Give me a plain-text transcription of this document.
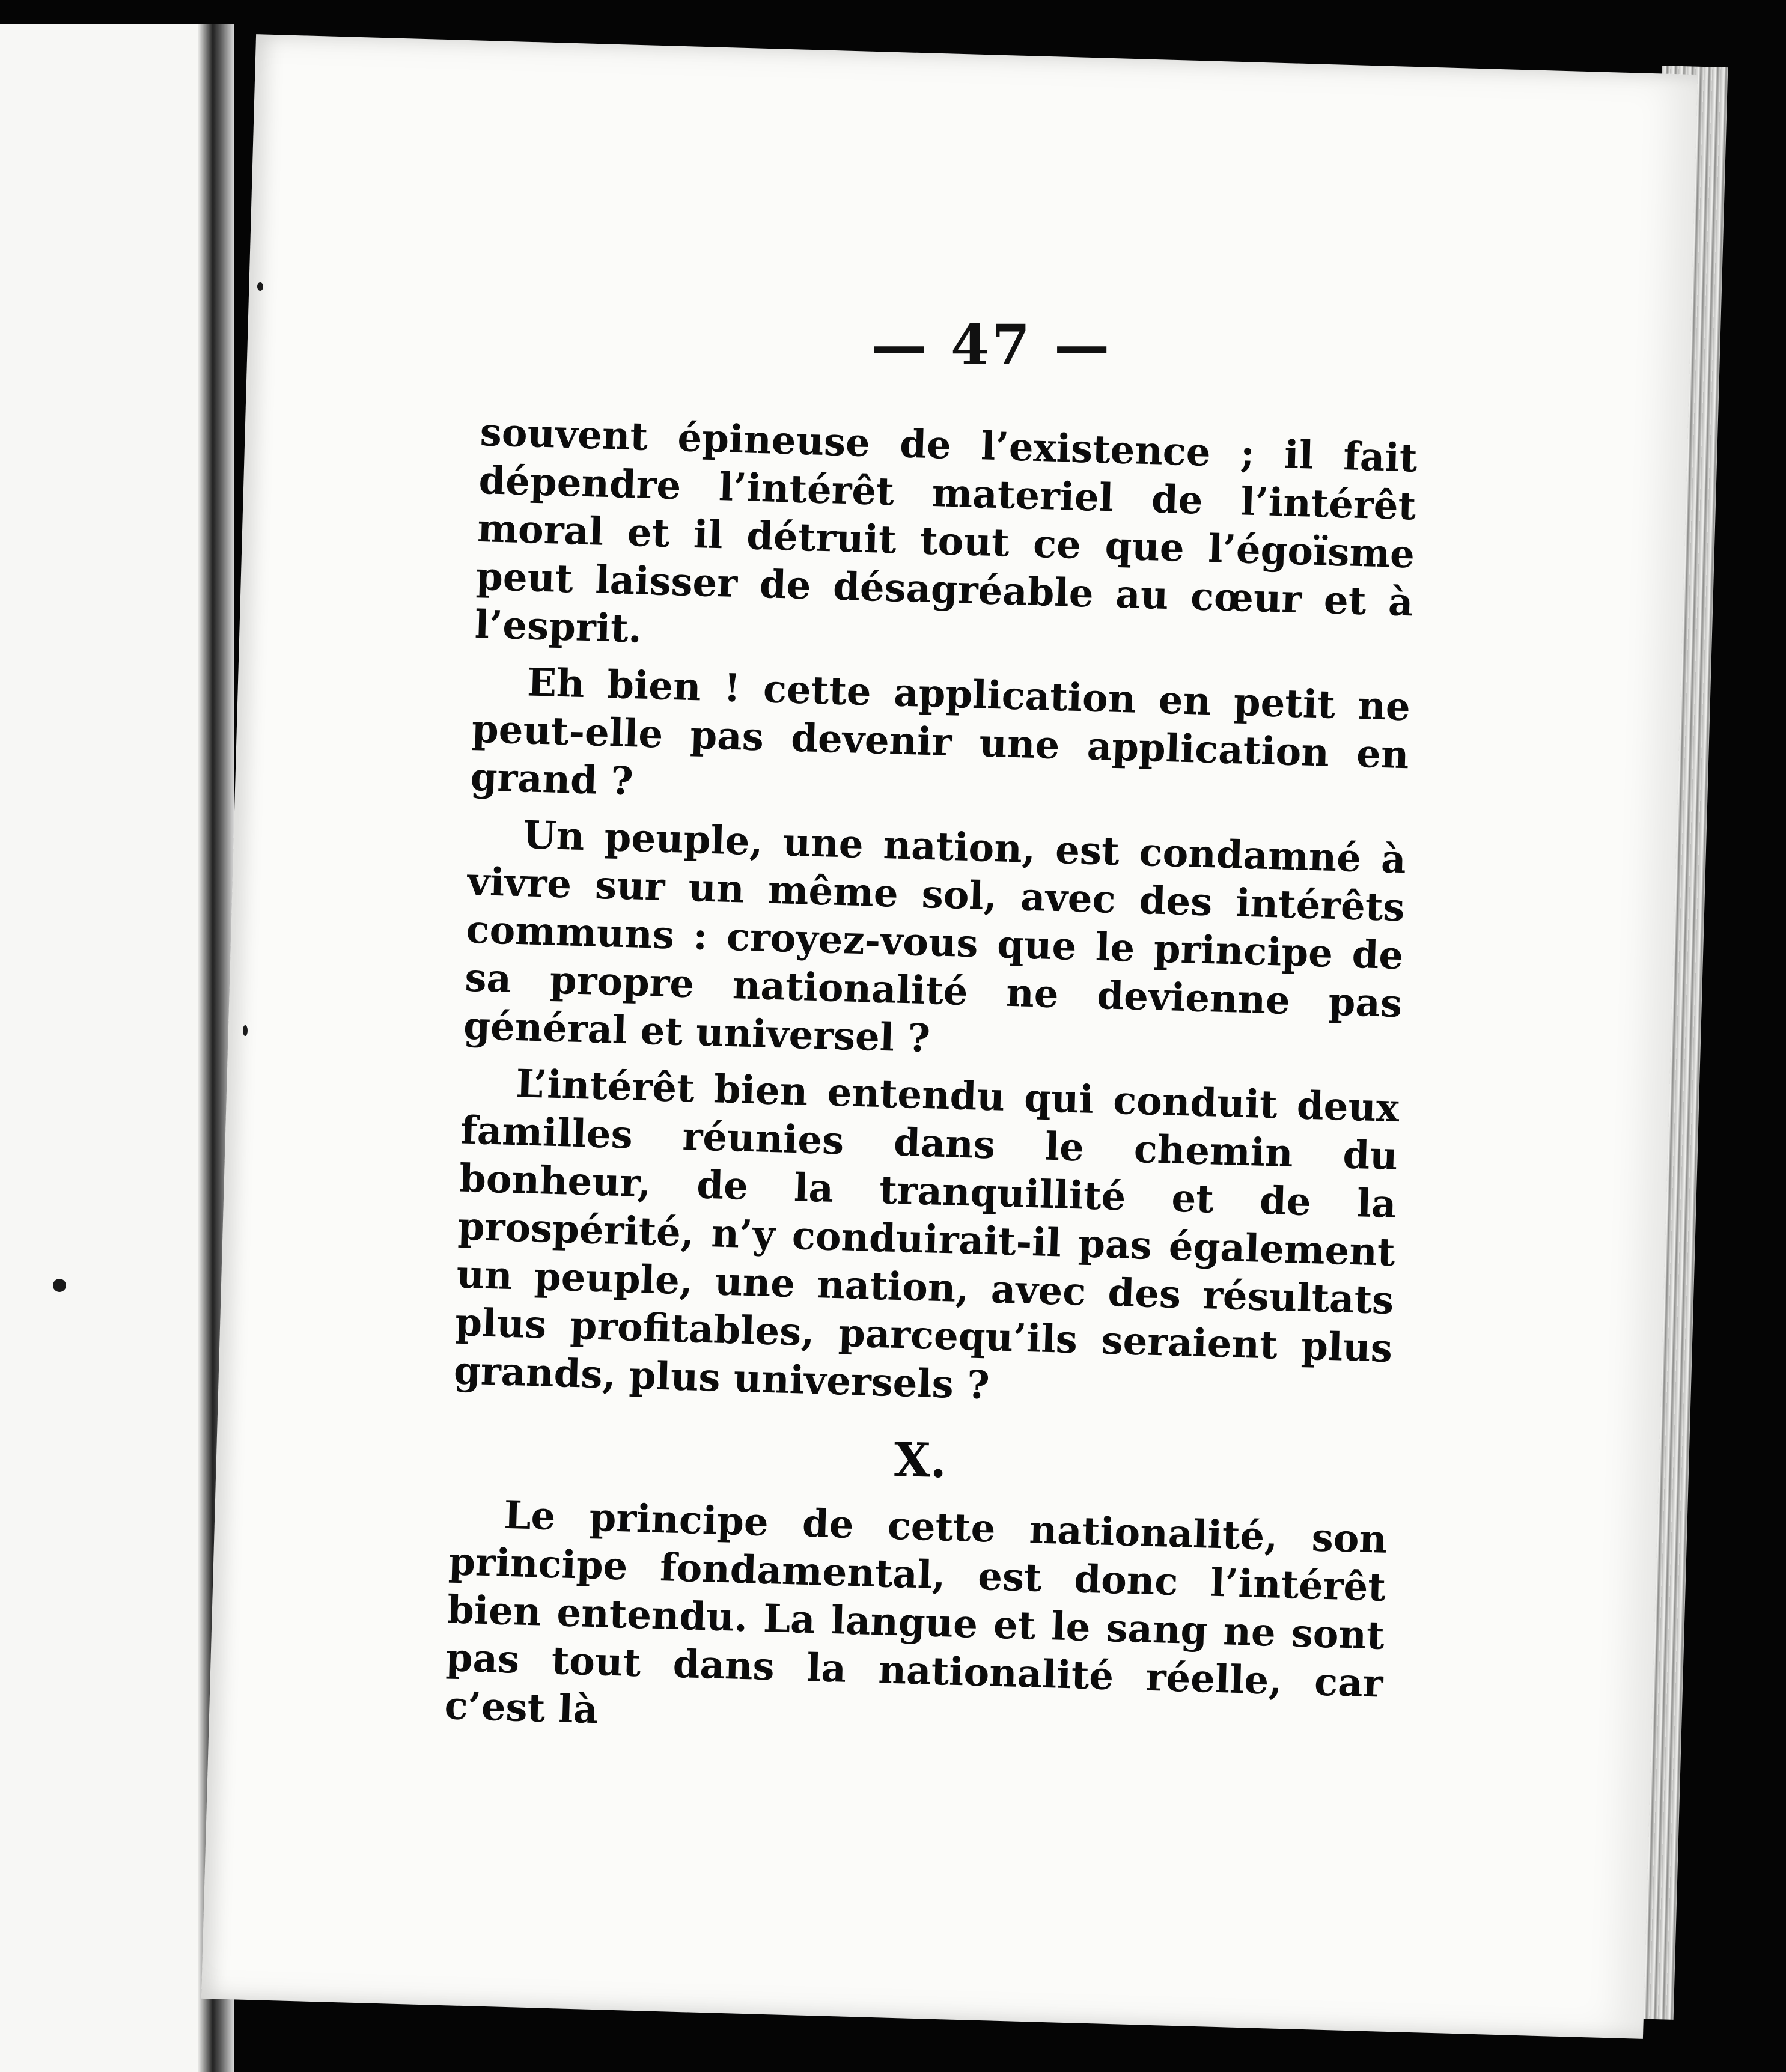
— 47 —

souvent épineuse de l’existence ; il fait dépendre l’intérêt materiel de l’intérêt moral et il détruit tout ce que l’égoïsme peut laisser de désagréable au cœur et à l’esprit.

Eh bien ! cette application en petit ne peut-elle pas devenir une application en grand ?

Un peuple, une nation, est condamné à vivre sur un même sol, avec des intérêts communs : croyez-vous que le principe de sa propre nationalité ne devienne pas général et universel ?

L’intérêt bien entendu qui conduit deux familles réunies dans le chemin du bonheur, de la tranquillité et de la prospérité, n’y conduirait-il pas également un peuple, une nation, avec des résultats plus profitables, parcequ’ils seraient plus grands, plus universels ?

X.

Le principe de cette nationalité, son principe fondamental, est donc l’intérêt bien entendu. La langue et le sang ne sont pas tout dans la nationalité réelle, car c’est là
